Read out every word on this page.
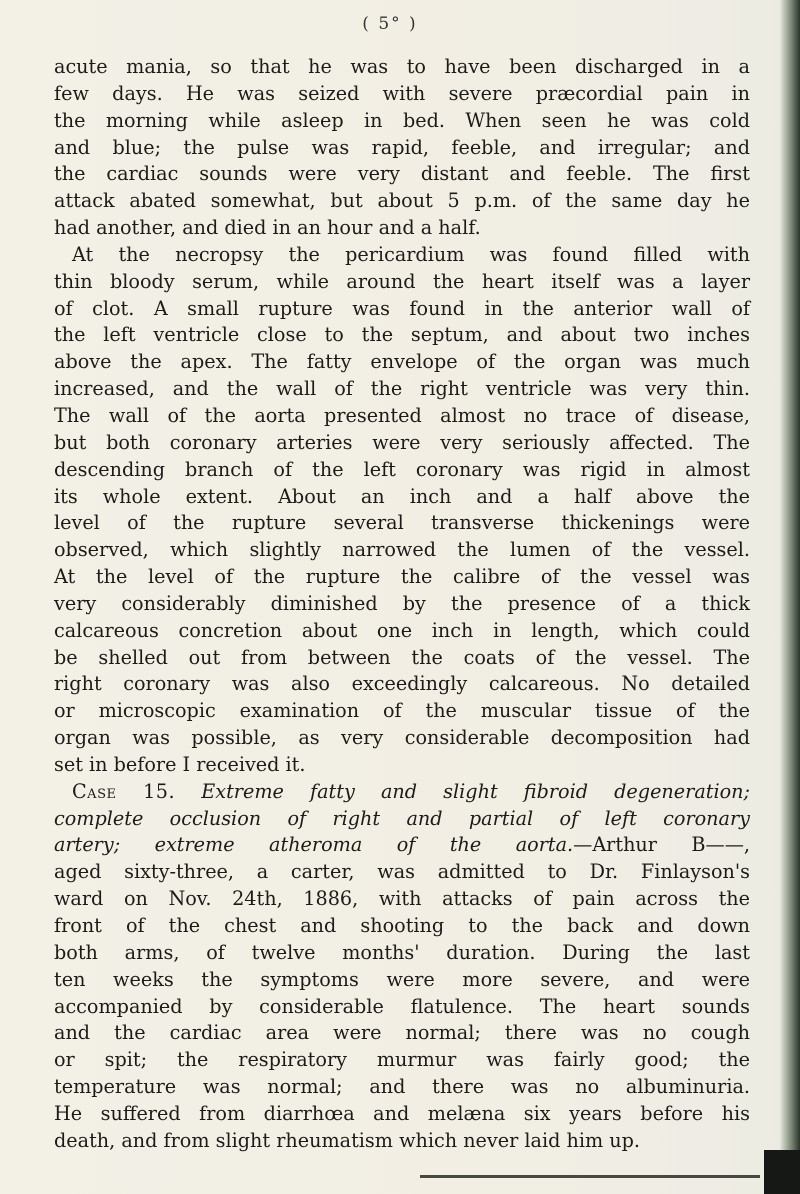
( 5° )
acute mania, so that he was to have been discharged in a
few days. He was seized with severe præcordial pain in
the morning while asleep in bed. When seen he was cold
and blue; the pulse was rapid, feeble, and irregular; and
the cardiac sounds were very distant and feeble. The first
attack abated somewhat, but about 5 p.m. of the same day he
had another, and died in an hour and a half.
At the necropsy the pericardium was found filled with
thin bloody serum, while around the heart itself was a layer
of clot. A small rupture was found in the anterior wall of
the left ventricle close to the septum, and about two inches
above the apex. The fatty envelope of the organ was much
increased, and the wall of the right ventricle was very thin.
The wall of the aorta presented almost no trace of disease,
but both coronary arteries were very seriously affected. The
descending branch of the left coronary was rigid in almost
its whole extent. About an inch and a half above the
level of the rupture several transverse thickenings were
observed, which slightly narrowed the lumen of the vessel.
At the level of the rupture the calibre of the vessel was
very considerably diminished by the presence of a thick
calcareous concretion about one inch in length, which could
be shelled out from between the coats of the vessel. The
right coronary was also exceedingly calcareous. No detailed
or microscopic examination of the muscular tissue of the
organ was possible, as very considerable decomposition had
set in before I received it.
Case 15. Extreme fatty and slight fibroid degeneration;
complete occlusion of right and partial of left coronary
artery; extreme atheroma of the aorta.—Arthur B——,
aged sixty-three, a carter, was admitted to Dr. Finlayson's
ward on Nov. 24th, 1886, with attacks of pain across the
front of the chest and shooting to the back and down
both arms, of twelve months' duration. During the last
ten weeks the symptoms were more severe, and were
accompanied by considerable flatulence. The heart sounds
and the cardiac area were normal; there was no cough
or spit; the respiratory murmur was fairly good; the
temperature was normal; and there was no albuminuria.
He suffered from diarrhœa and melæna six years before his
death, and from slight rheumatism which never laid him up.
